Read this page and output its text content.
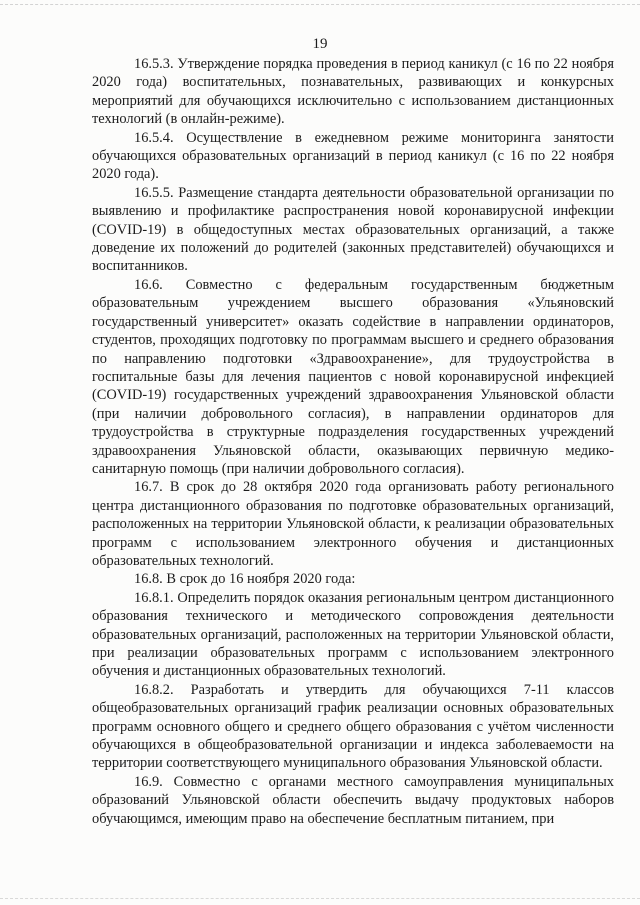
19

16.5.3. Утверждение порядка проведения в период каникул (с 16 по 22 ноября 2020 года) воспитательных, познавательных, развивающих и конкурсных мероприятий для обучающихся исключительно с использованием дистанционных технологий (в онлайн-режиме).

16.5.4. Осуществление в ежедневном режиме мониторинга занятости обучающихся образовательных организаций в период каникул (с 16 по 22 ноября 2020 года).

16.5.5. Размещение стандарта деятельности образовательной организации по выявлению и профилактике распространения новой коронавирусной инфекции (COVID-19) в общедоступных местах образовательных организаций, а также доведение их положений до родителей (законных представителей) обучающихся и воспитанников.

16.6. Совместно с федеральным государственным бюджетным образовательным учреждением высшего образования «Ульяновский государственный университет» оказать содействие в направлении ординаторов, студентов, проходящих подготовку по программам высшего и среднего образования по направлению подготовки «Здравоохранение», для трудоустройства в госпитальные базы для лечения пациентов с новой коронавирусной инфекцией (COVID-19) государственных учреждений здравоохранения Ульяновской области (при наличии добровольного согласия), в направлении ординаторов для трудоустройства в структурные подразделения государственных учреждений здравоохранения Ульяновской области, оказывающих первичную медико-санитарную помощь (при наличии добровольного согласия).

16.7. В срок до 28 октября 2020 года организовать работу регионального центра дистанционного образования по подготовке образовательных организаций, расположенных на территории Ульяновской области, к реализации образовательных программ с использованием электронного обучения и дистанционных образовательных технологий.

16.8. В срок до 16 ноября 2020 года:

16.8.1. Определить порядок оказания региональным центром дистанционного образования технического и методического сопровождения деятельности образовательных организаций, расположенных на территории Ульяновской области, при реализации образовательных программ с использованием электронного обучения и дистанционных образовательных технологий.

16.8.2. Разработать и утвердить для обучающихся 7-11 классов общеобразовательных организаций график реализации основных образовательных программ основного общего и среднего общего образования с учётом численности обучающихся в общеобразовательной организации и индекса заболеваемости на территории соответствующего муниципального образования Ульяновской области.

16.9. Совместно с органами местного самоуправления муниципальных образований Ульяновской области обеспечить выдачу продуктовых наборов обучающимся, имеющим право на обеспечение бесплатным питанием, при
